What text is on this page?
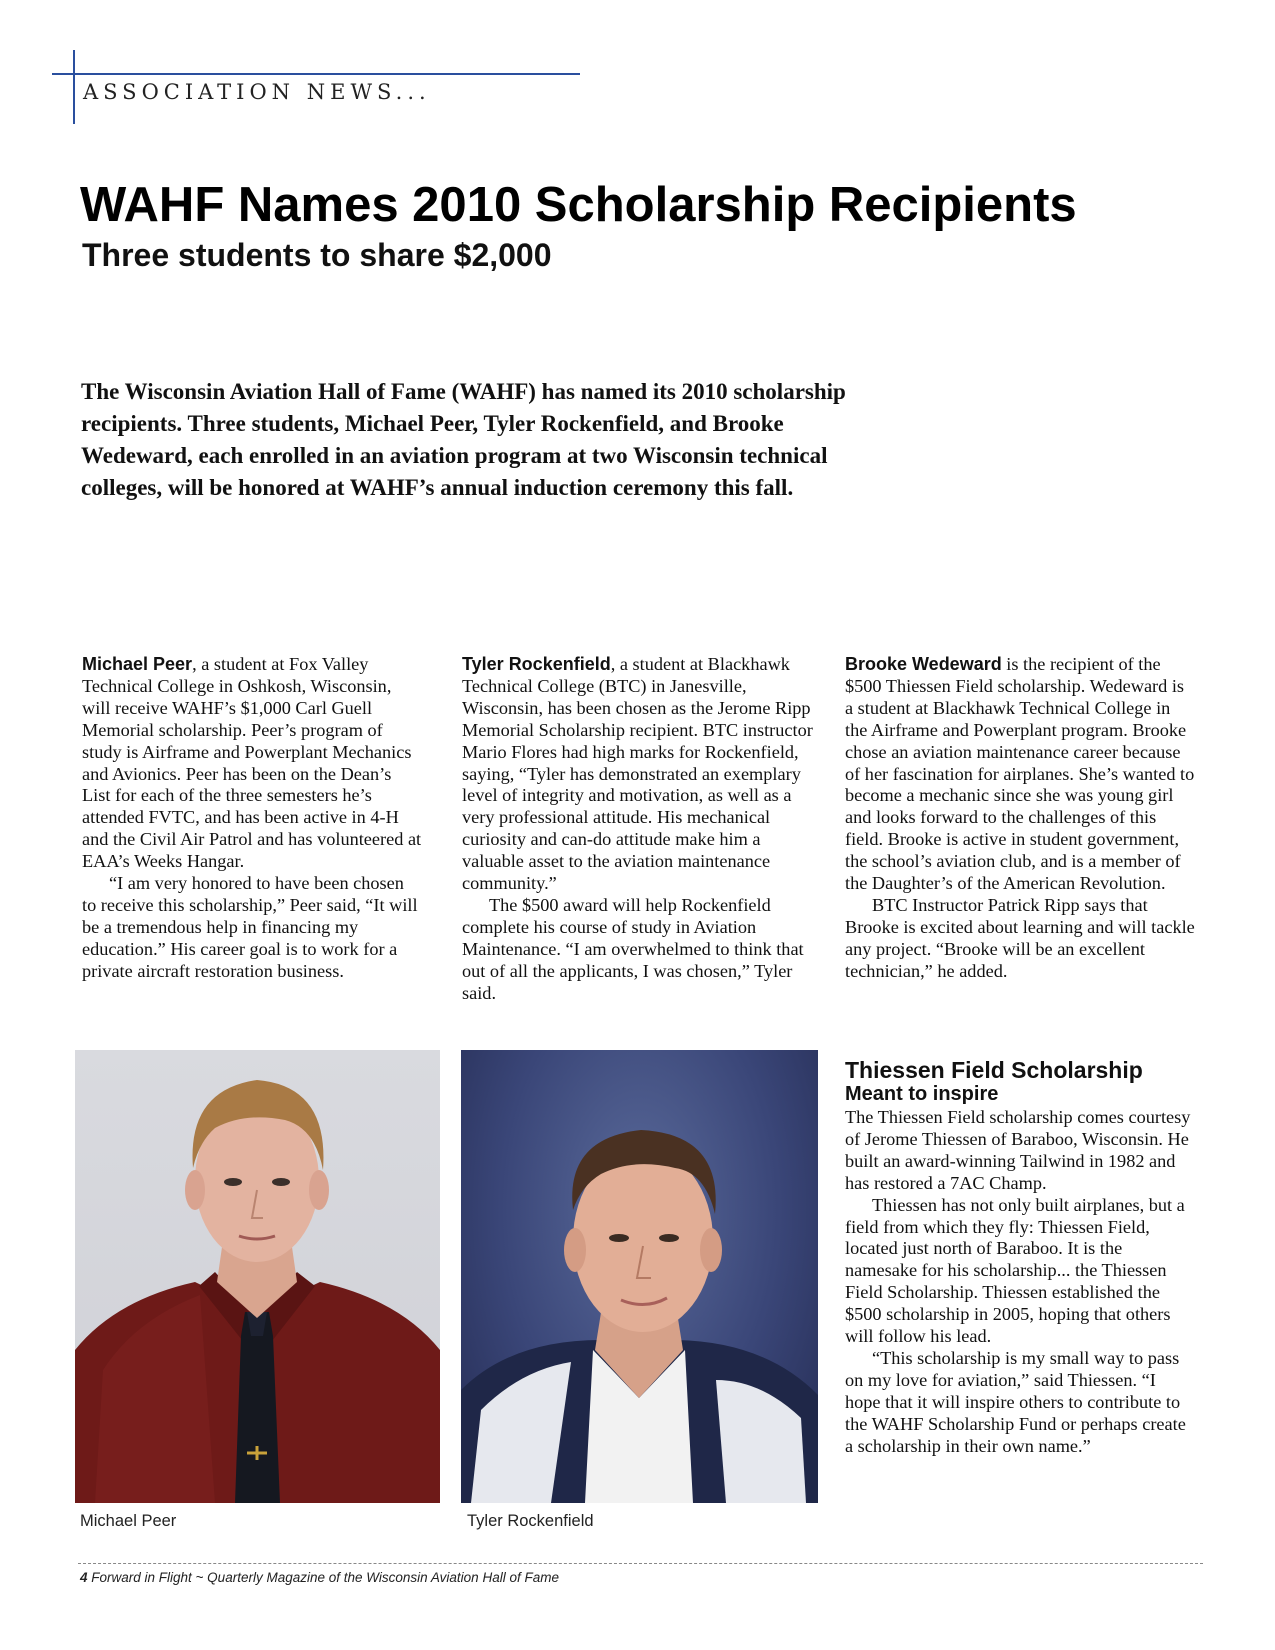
ASSOCIATION NEWS...
WAHF Names 2010 Scholarship Recipients
Three students to share $2,000
The Wisconsin Aviation Hall of Fame (WAHF) has named its 2010 scholarship recipients. Three students, Michael Peer, Tyler Rockenfield, and Brooke Wedeward, each enrolled in an aviation program at two Wisconsin technical colleges, will be honored at WAHF’s annual induction ceremony this fall.

Michael Peer, a student at Fox Valley Technical College in Oshkosh, Wisconsin, will receive WAHF’s $1,000 Carl Guell Memorial scholarship. Peer’s program of study is Airframe and Powerplant Mechanics and Avionics. Peer has been on the Dean’s List for each of the three semesters he’s attended FVTC, and has been active in 4-H and the Civil Air Patrol and has volunteered at EAA’s Weeks Hangar.

“I am very honored to have been chosen to receive this scholarship,” Peer said, “It will be a tremendous help in financing my education.” His career goal is to work for a private aircraft restoration business.

Tyler Rockenfield, a student at Blackhawk Technical College (BTC) in Janesville, Wisconsin, has been chosen as the Jerome Ripp Memorial Scholarship recipient. BTC instructor Mario Flores had high marks for Rockenfield, saying, “Tyler has demonstrated an exemplary level of integrity and motivation, as well as a very professional attitude. His mechanical curiosity and can-do attitude make him a valuable asset to the aviation maintenance community.”

The $500 award will help Rockenfield complete his course of study in Aviation Maintenance. “I am overwhelmed to think that out of all the applicants, I was chosen,” Tyler said.

Brooke Wedeward is the recipient of the $500 Thiessen Field scholarship. Wedeward is a student at Blackhawk Technical College in the Airframe and Powerplant program. Brooke chose an aviation maintenance career because of her fascination for airplanes. She’s wanted to become a mechanic since she was young girl and looks forward to the challenges of this field. Brooke is active in student government, the school’s aviation club, and is a member of the Daughter’s of the American Revolution.

BTC Instructor Patrick Ripp says that Brooke is excited about learning and will tackle any project. “Brooke will be an excellent technician,” he added.

Thiessen Field Scholarship
Meant to inspire

The Thiessen Field scholarship comes courtesy of Jerome Thiessen of Baraboo, Wisconsin. He built an award-winning Tailwind in 1982 and has restored a 7AC Champ.

Thiessen has not only built airplanes, but a field from which they fly: Thiessen Field, located just north of Baraboo. It is the namesake for his scholarship... the Thiessen Field Scholarship. Thiessen established the $500 scholarship in 2005, hoping that others will follow his lead.

“This scholarship is my small way to pass on my love for aviation,” said Thiessen. “I hope that it will inspire others to contribute to the WAHF Scholarship Fund or perhaps create a scholarship in their own name.”

Michael Peer	Tyler Rockenfield
4 Forward in Flight ~ Quarterly Magazine of the Wisconsin Aviation Hall of Fame
